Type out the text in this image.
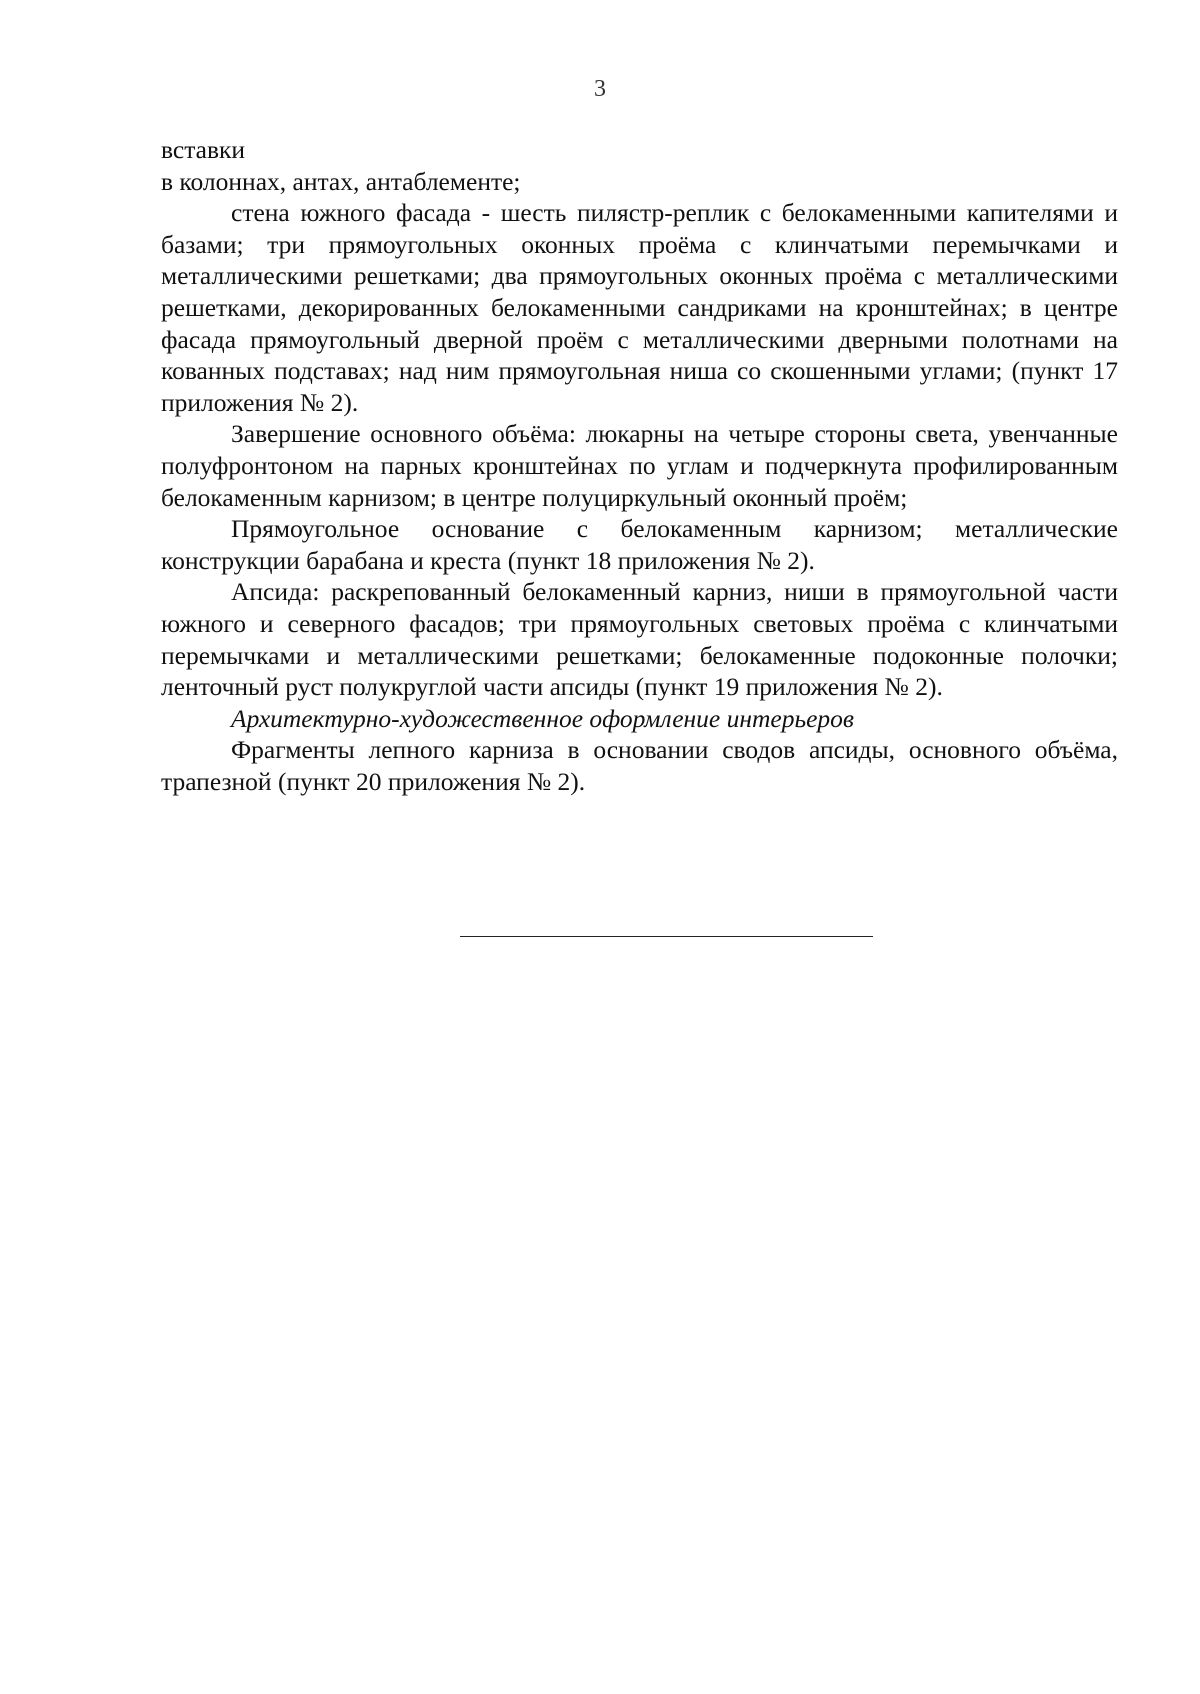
3

вставки

в колоннах, антах, антаблементе;

стена южного фасада - шесть пилястр-реплик с белокаменными капителями и базами; три прямоугольных оконных проёма с клинчатыми перемычками и металлическими решетками; два прямоугольных оконных проёма с металлическими решетками, декорированных белокаменными сандриками на кронштейнах; в центре фасада прямоугольный дверной проём с металлическими дверными полотнами на кованных подставах; над ним прямоугольная ниша со скошенными углами; (пункт 17 приложения № 2).

Завершение основного объёма: люкарны на четыре стороны света, увенчанные полуфронтоном на парных кронштейнах по углам и подчеркнута профилированным белокаменным карнизом; в центре полуциркульный оконный проём;

Прямоугольное основание с белокаменным карнизом; металлические конструкции барабана и креста (пункт 18 приложения № 2).

Апсида: раскрепованный белокаменный карниз, ниши в прямоугольной части южного и северного фасадов; три прямоугольных световых проёма с клинчатыми перемычками и металлическими решетками; белокаменные подоконные полочки; ленточный руст полукруглой части апсиды (пункт 19 приложения № 2).

Архитектурно-художественное оформление интерьеров

Фрагменты лепного карниза в основании сводов апсиды, основного объёма, трапезной (пункт 20 приложения № 2).
